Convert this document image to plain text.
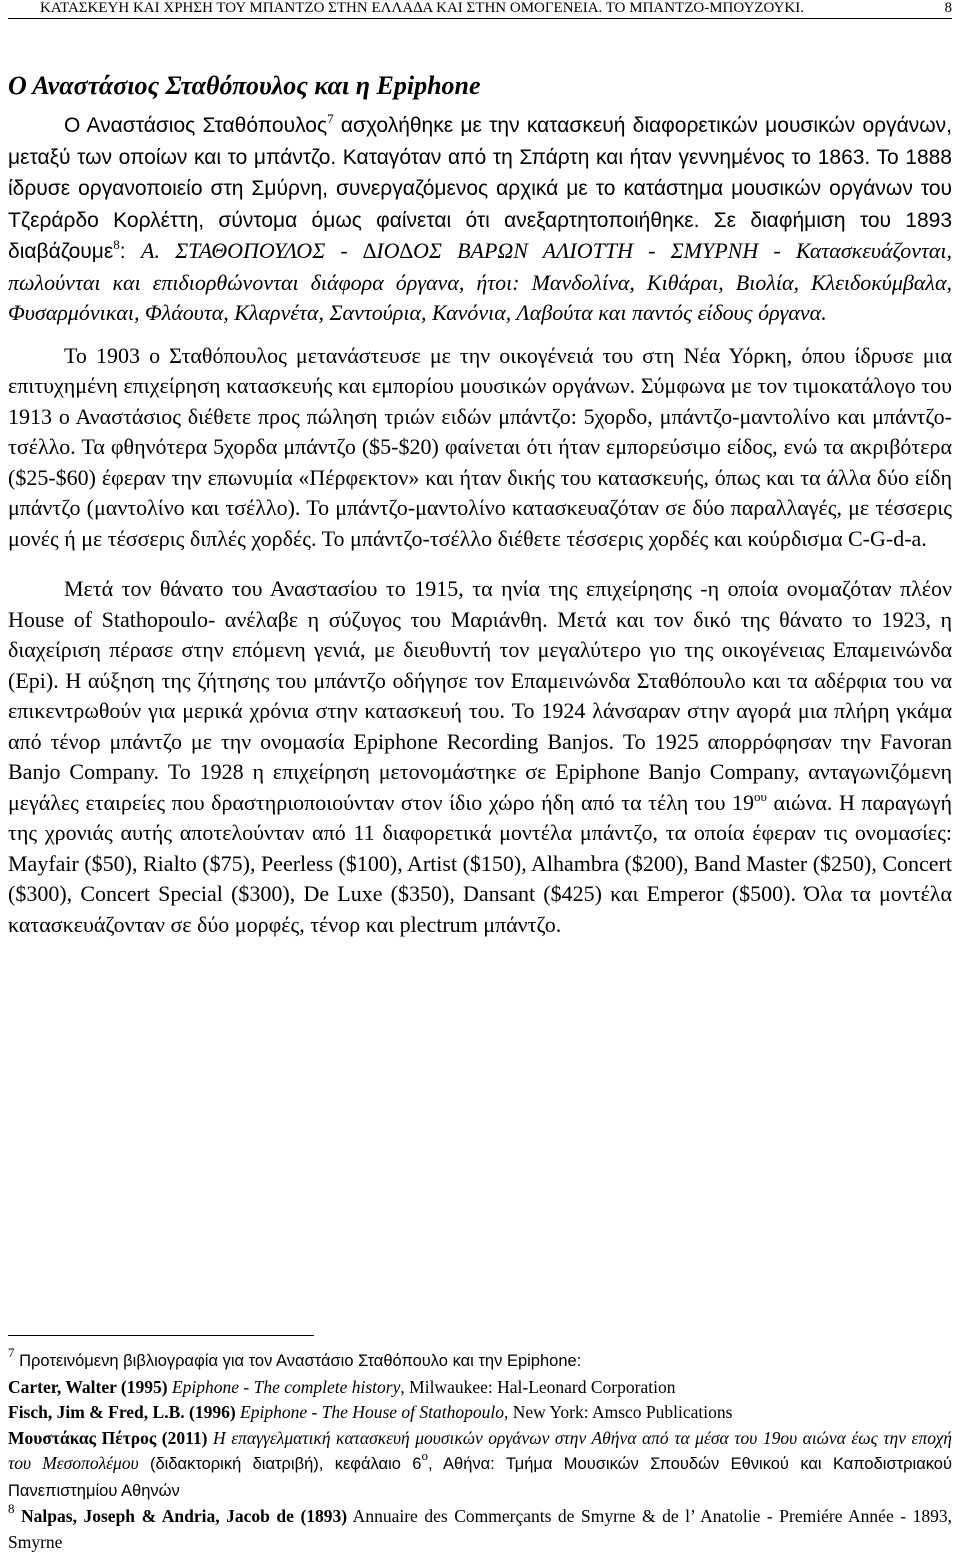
ΚΑΤΑΣΚΕΥΗ ΚΑΙ ΧΡΗΣΗ ΤΟΥ ΜΠΑΝΤΖΟ ΣΤΗΝ ΕΛΛΑ∆Α ΚΑΙ ΣΤΗΝ ΟΜΟΓΕΝΕΙΑ. ΤΟ ΜΠΑΝΤΖΟ-ΜΠΟΥΖΟΥΚΙ.	8
Ο Αναστάσιος Σταθόπουλος και η Epiphone

Ο Αναστάσιος Σταθόπουλος$^7$ ασχολήθηκε με την κατασκευή διαφορετικών μουσικών οργάνων, μεταξύ των οποίων και το μπάντζο. Καταγόταν από τη Σπάρτη και ήταν γεννημένος το 1863. Το 1888 ίδρυσε οργανοποιείο στη Σμύρνη, συνεργαζόμενος αρχικά με το κατάστημα μουσικών οργάνων του Τζεράρδο Κορλέττη, σύντομα όμως φαίνεται ότι ανεξαρτητοποιήθηκε. Σε διαφήμιση του 1893 διαβάζουμε$^8$: Α. ΣΤΑΘΟΠΟΥΛΟΣ - ∆ΙΟ∆ΟΣ ΒΑΡΩΝ ΑΛΙΟΤΤΗ - ΣΜΥΡΝΗ - Κατασκευάζονται, πωλούνται και επιδιορθώνονται διάφορα όργανα, ήτοι: Μανδολίνα, Κιθάραι, Βιολία, Κλειδοκύμβαλα, Φυσαρμόνικαι, Φλάουτα, Κλαρνέτα, Σαντούρια, Κανόνια, Λαβούτα και παντός είδους όργανα.

Το 1903 ο Σταθόπουλος μετανάστευσε με την οικογένειά του στη Νέα Υόρκη, όπου ίδρυσε μια επιτυχημένη επιχείρηση κατασκευής και εμπορίου μουσικών οργάνων. Σύμφωνα με τον τιμοκατάλογο του 1913 ο Αναστάσιος διέθετε προς πώληση τριών ειδών μπάντζο: 5χορδο, μπάντζο-μαντολίνο και μπάντζο-τσέλλο. Τα φθηνότερα 5χορδα μπάντζο ($5-$20) φαίνεται ότι ήταν εμπορεύσιμο είδος, ενώ τα ακριβότερα ($25-$60) έφεραν την επωνυμία «Πέρφεκτον» και ήταν δικής του κατασκευής, όπως και τα άλλα δύο είδη μπάντζο (μαντολίνο και τσέλλο). Το μπάντζο-μαντολίνο κατασκευαζόταν σε δύο παραλλαγές, με τέσσερις μονές ή με τέσσερις διπλές χορδές. Το μπάντζο-τσέλλο διέθετε τέσσερις χορδές και κούρδισμα C-G-d-a.

Μετά τον θάνατο του Αναστασίου το 1915, τα ηνία της επιχείρησης -η οποία ονομαζόταν πλέον House of Stathopoulo- ανέλαβε η σύζυγος του Μαριάνθη. Μετά και τον δικό της θάνατο το 1923, η διαχείριση πέρασε στην επόμενη γενιά, με διευθυντή τον μεγαλύτερο γιο της οικογένειας Επαμεινώνδα (Epi). Η αύξηση της ζήτησης του μπάντζο οδήγησε τον Επαμεινώνδα Σταθόπουλο και τα αδέρφια του να επικεντρωθούν για μερικά χρόνια στην κατασκευή του. Το 1924 λάνσαραν στην αγορά μια πλήρη γκάμα από τένορ μπάντζο με την ονομασία Epiphone Recording Banjos. Το 1925 απορρόφησαν την Favoran Banjo Company. Το 1928 η επιχείρηση μετονομάστηκε σε Epiphone Banjo Company, ανταγωνιζόμενη μεγάλες εταιρείες που δραστηριοποιούνταν στον ίδιο χώρο ήδη από τα τέλη του $19^{o\upsilon}$ αιώνα. Η παραγωγή της χρονιάς αυτής αποτελούνταν από 11 διαφορετικά μοντέλα μπάντζο, τα οποία έφεραν τις ονομασίες: Mayfair ($50), Rialto ($75), Peerless ($100), Artist ($150), Alhambra ($200), Band Master ($250), Concert ($300), Concert Special ($300), De Luxe ($350), Dansant ($425) και Emperor ($500). Όλα τα μοντέλα κατασκευάζονταν σε δύο μορφές, τένορ και plectrum μπάντζο.

$^7$ Προτεινόμενη βιβλιογραφία για τον Αναστάσιο Σταθόπουλο και την Epiphone:

Carter, Walter (1995) Epiphone - The complete history, Milwaukee: Hal-Leonard Corporation

Fisch, Jim & Fred, L.B. (1996) Epiphone - The House of Stathopoulo, New York: Amsco Publications

Μουστάκας Πέτρος (2011) Η επαγγελματική κατασκευή μουσικών οργάνων στην Αθήνα από τα μέσα του 19ου αιώνα έως την εποχή του Μεσοπολέμου (διδακτορική διατριβή), κεφάλαιο 6$^o$, Αθήνα: Τμήμα Μουσικών Σπουδών Εθνικού και Καποδιστριακού Πανεπιστημίου Αθηνών

$^8$ Nalpas, Joseph & Andria, Jacob de (1893) Annuaire des Commerçants de Smyrne & de l’ Anatolie - Premiére Année - 1893, Smyrne
